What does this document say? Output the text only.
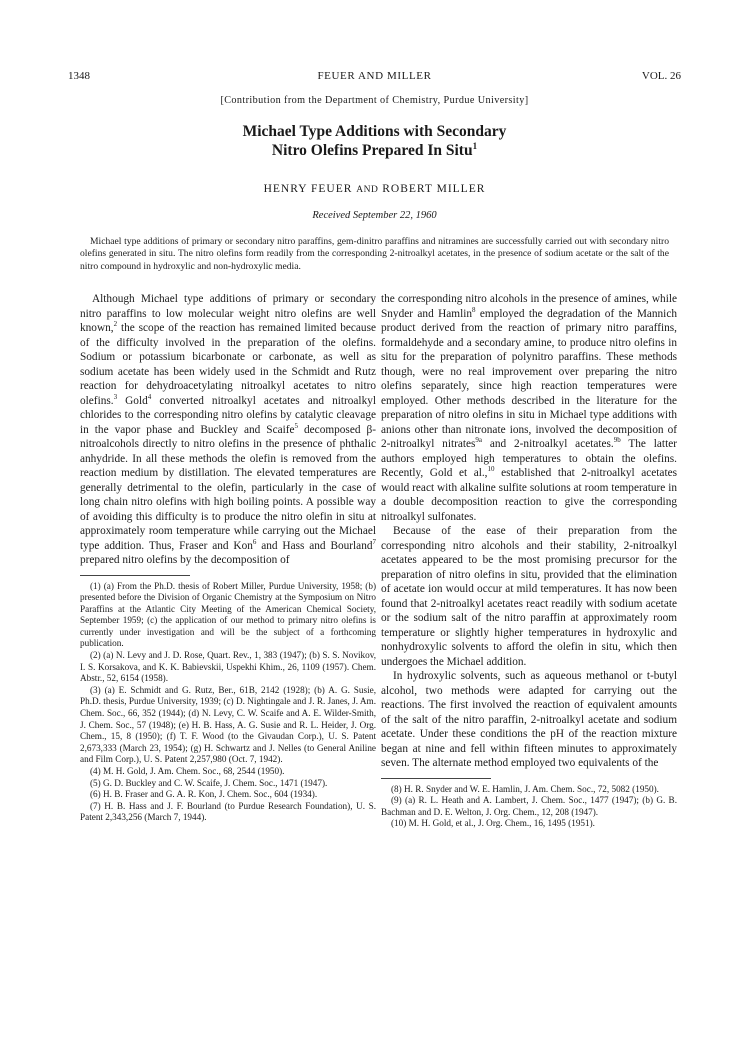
1348	FEUER AND MILLER	VOL. 26
[Contribution from the Department of Chemistry, Purdue University]
Michael Type Additions with Secondary
Nitro Olefins Prepared In Situ$^1$
HENRY FEUER AND ROBERT MILLER
Received September 22, 1960
Michael type additions of primary or secondary nitro paraffins, gem-dinitro paraffins and nitramines are successfully carried out with secondary nitro olefins generated in situ. The nitro olefins form readily from the corresponding 2-nitroalkyl acetates, in the presence of sodium acetate or the salt of the nitro compound in hydroxylic and non-hydroxylic media.

Although Michael type additions of primary or secondary nitro paraffins to low molecular weight nitro olefins are well known,$^2$ the scope of the reaction has remained limited because of the difficulty involved in the preparation of the olefins. Sodium or potassium bicarbonate or carbonate, as well as sodium acetate has been widely used in the Schmidt and Rutz reaction for dehydroacetylating nitroalkyl acetates to nitro olefins.$^3$ Gold$^4$ converted nitroalkyl acetates and nitroalkyl chlorides to the corresponding nitro olefins by catalytic cleavage in the vapor phase and Buckley and Scaife$^5$ decomposed β-nitroalcohols directly to nitro olefins in the presence of phthalic anhydride. In all these methods the olefin is removed from the reaction medium by distillation. The elevated temperatures are generally detrimental to the olefin, particularly in the case of long chain nitro olefins with high boiling points. A possible way of avoiding this difficulty is to produce the nitro olefin in situ at approximately room temperature while carrying out the Michael type addition. Thus, Fraser and Kon$^6$ and Hass and Bourland$^7$ prepared nitro olefins by the decomposition of

(1) (a) From the Ph.D. thesis of Robert Miller, Purdue University, 1958; (b) presented before the Division of Organic Chemistry at the Symposium on Nitro Paraffins at the Atlantic City Meeting of the American Chemical Society, September 1959; (c) the application of our method to primary nitro olefins is currently under investigation and will be the subject of a forthcoming publication.

(2) (a) N. Levy and J. D. Rose, Quart. Rev., 1, 383 (1947); (b) S. S. Novikov, I. S. Korsakova, and K. K. Babievskii, Uspekhi Khim., 26, 1109 (1957). Chem. Abstr., 52, 6154 (1958).

(3) (a) E. Schmidt and G. Rutz, Ber., 61B, 2142 (1928); (b) A. G. Susie, Ph.D. thesis, Purdue University, 1939; (c) D. Nightingale and J. R. Janes, J. Am. Chem. Soc., 66, 352 (1944); (d) N. Levy, C. W. Scaife and A. E. Wilder-Smith, J. Chem. Soc., 57 (1948); (e) H. B. Hass, A. G. Susie and R. L. Heider, J. Org. Chem., 15, 8 (1950); (f) T. F. Wood (to the Givaudan Corp.), U. S. Patent 2,673,333 (March 23, 1954); (g) H. Schwartz and J. Nelles (to General Aniline and Film Corp.), U. S. Patent 2,257,980 (Oct. 7, 1942).

(4) M. H. Gold, J. Am. Chem. Soc., 68, 2544 (1950).

(5) G. D. Buckley and C. W. Scaife, J. Chem. Soc., 1471 (1947).

(6) H. B. Fraser and G. A. R. Kon, J. Chem. Soc., 604 (1934).

(7) H. B. Hass and J. F. Bourland (to Purdue Research Foundation), U. S. Patent 2,343,256 (March 7, 1944).

the corresponding nitro alcohols in the presence of amines, while Snyder and Hamlin$^8$ employed the degradation of the Mannich product derived from the reaction of primary nitro paraffins, formaldehyde and a secondary amine, to produce nitro olefins in situ for the preparation of polynitro paraffins. These methods though, were no real improvement over preparing the nitro olefins separately, since high reaction temperatures were employed. Other methods described in the literature for the preparation of nitro olefins in situ in Michael type additions with anions other than nitronate ions, involved the decomposition of 2-nitroalkyl nitrates$^{9a}$ and 2-nitroalkyl acetates.$^{9b}$ The latter authors employed high temperatures to obtain the olefins. Recently, Gold et al.,$^{10}$ established that 2-nitroalkyl acetates would react with alkaline sulfite solutions at room temperature in a double decomposition reaction to give the corresponding nitroalkyl sulfonates.

Because of the ease of their preparation from the corresponding nitro alcohols and their stability, 2-nitroalkyl acetates appeared to be the most promising precursor for the preparation of nitro olefins in situ, provided that the elimination of acetate ion would occur at mild temperatures. It has now been found that 2-nitroalkyl acetates react readily with sodium acetate or the sodium salt of the nitro paraffin at approximately room temperature or slightly higher temperatures in hydroxylic and nonhydroxylic solvents to afford the olefin in situ, which then undergoes the Michael addition.

In hydroxylic solvents, such as aqueous methanol or t-butyl alcohol, two methods were adapted for carrying out the reactions. The first involved the reaction of equivalent amounts of the salt of the nitro paraffin, 2-nitroalkyl acetate and sodium acetate. Under these conditions the pH of the reaction mixture began at nine and fell within fifteen minutes to approximately seven. The alternate method employed two equivalents of the

(8) H. R. Snyder and W. E. Hamlin, J. Am. Chem. Soc., 72, 5082 (1950).

(9) (a) R. L. Heath and A. Lambert, J. Chem. Soc., 1477 (1947); (b) G. B. Bachman and D. E. Welton, J. Org. Chem., 12, 208 (1947).

(10) M. H. Gold, et al., J. Org. Chem., 16, 1495 (1951).
